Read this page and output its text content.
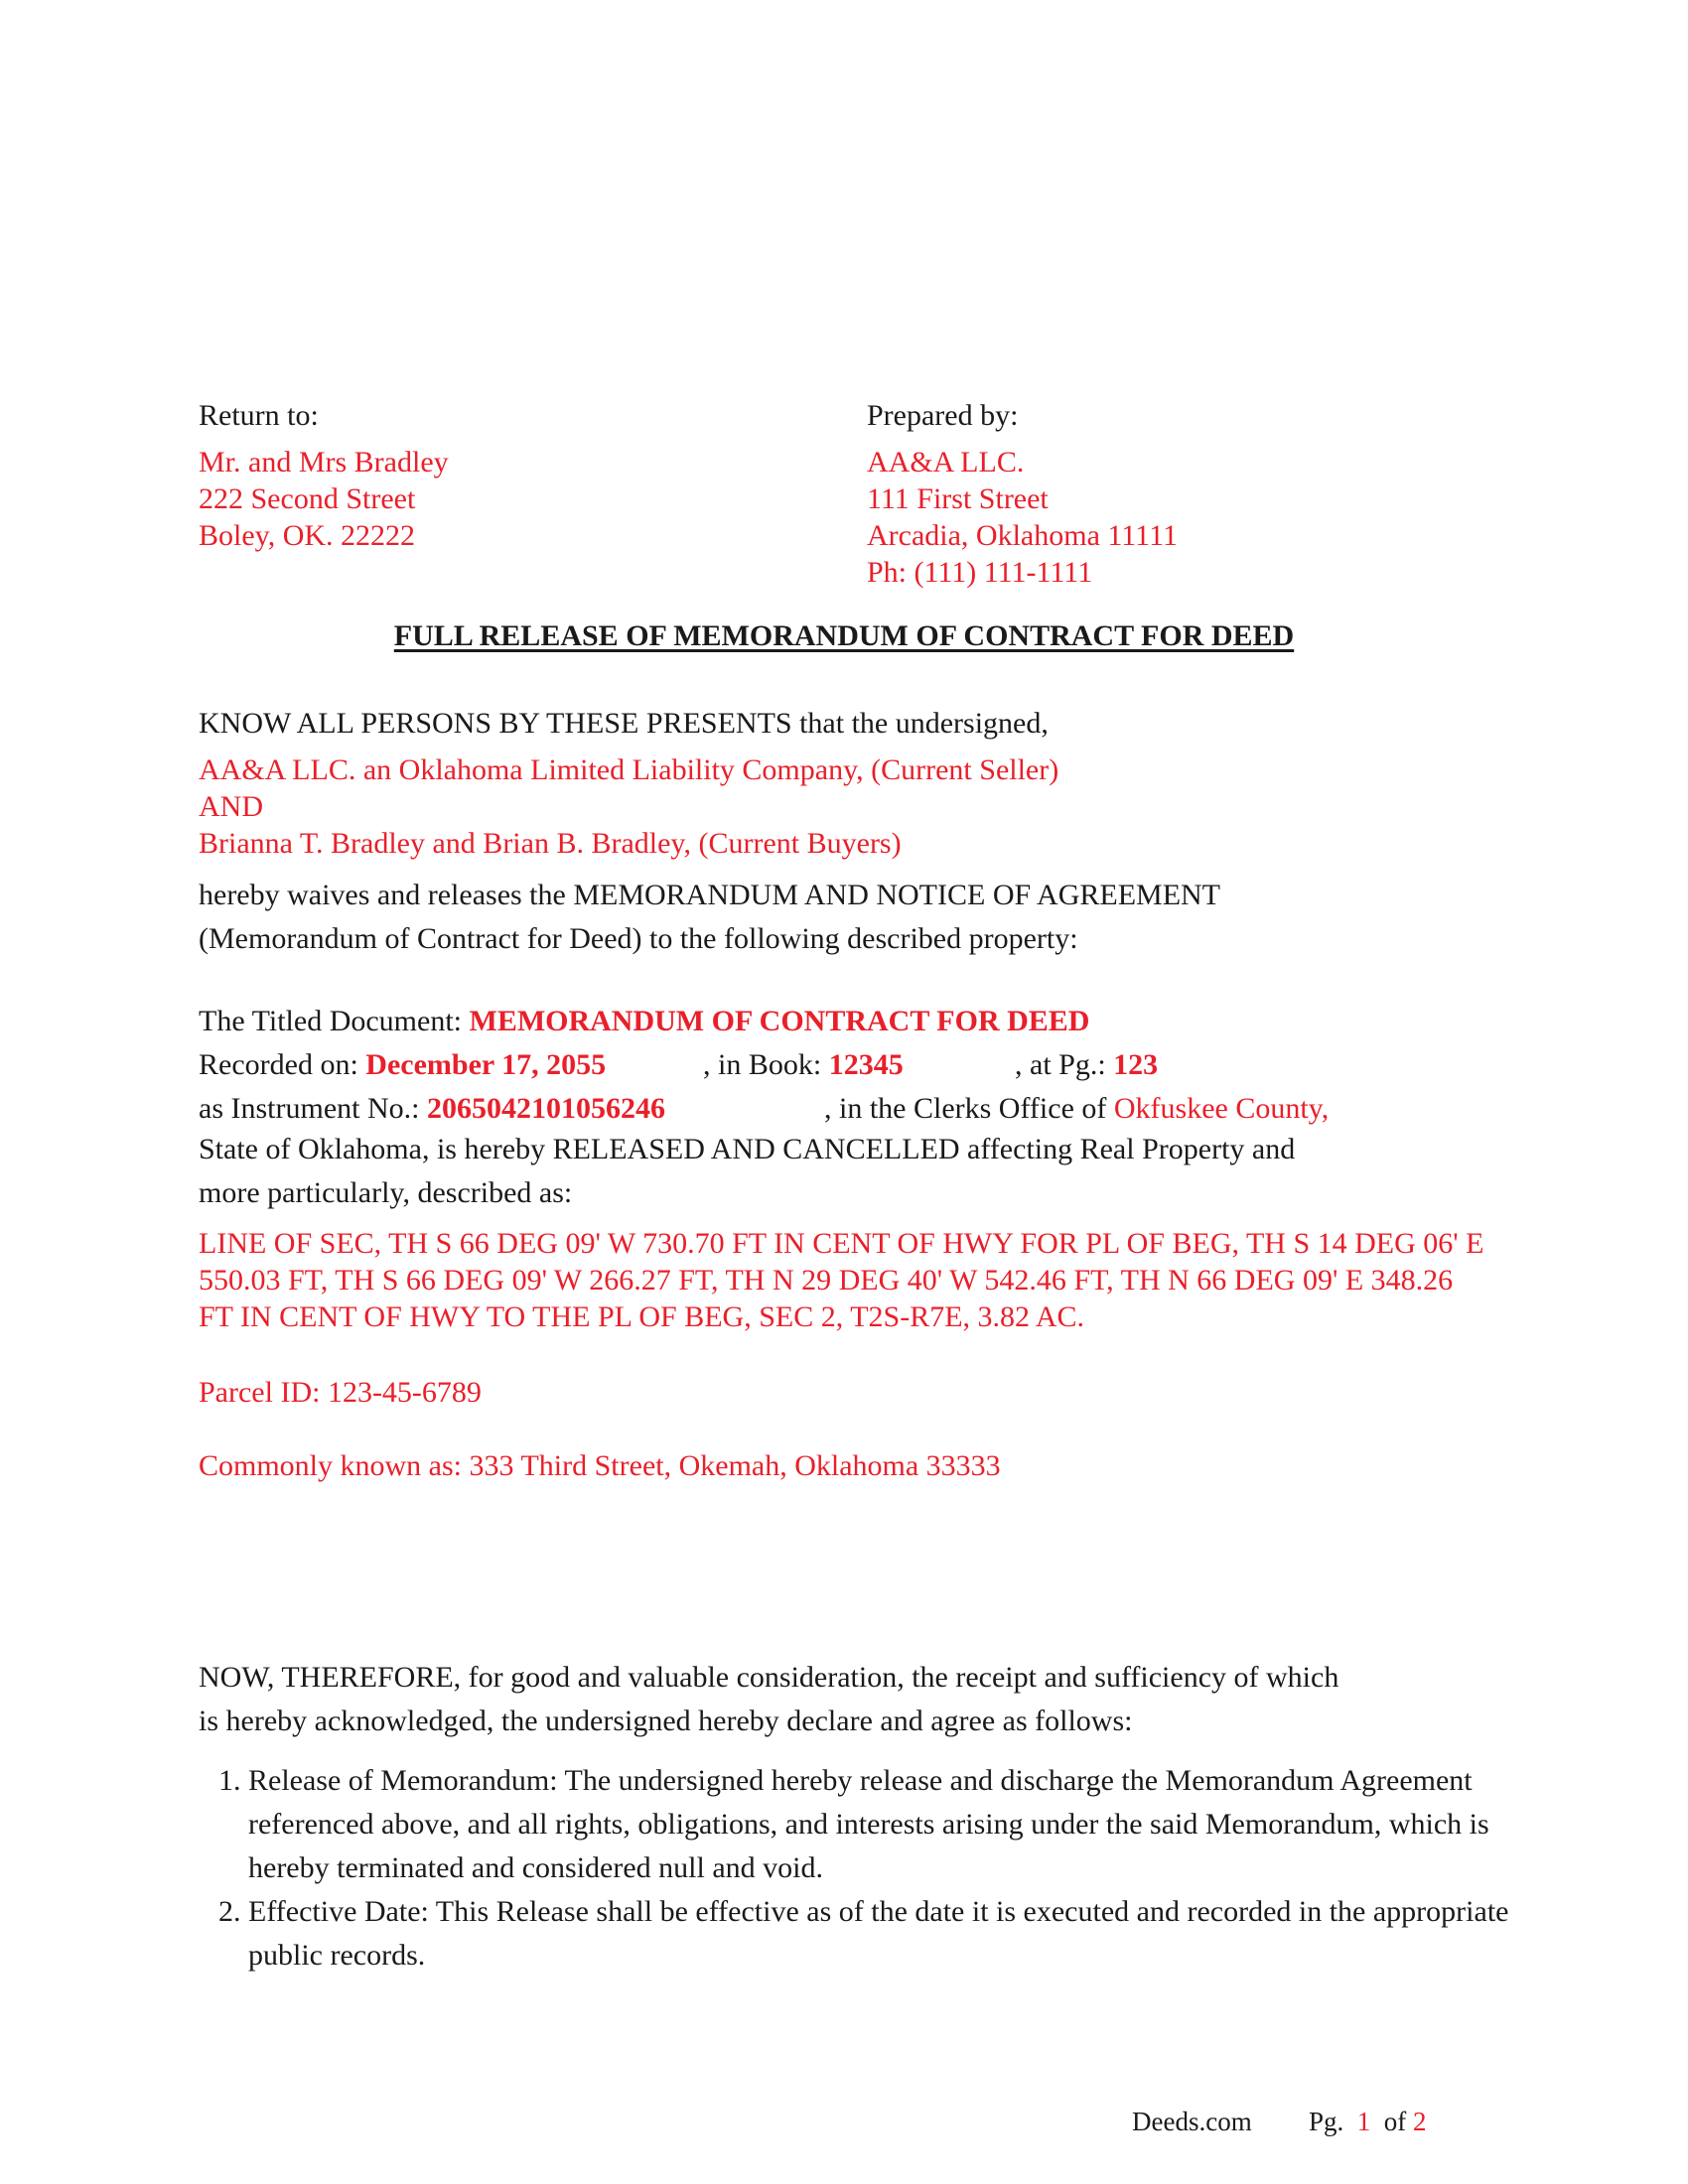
Return to:
Mr. and Mrs Bradley
222 Second Street
Boley, OK. 22222
Prepared by:
AA&A LLC.
111 First Street
Arcadia, Oklahoma 11111
Ph: (111) 111-1111
FULL RELEASE OF MEMORANDUM OF CONTRACT FOR DEED
KNOW ALL PERSONS BY THESE PRESENTS that the undersigned,
AA&A LLC. an Oklahoma Limited Liability Company, (Current Seller)
AND
Brianna T. Bradley and Brian B. Bradley, (Current Buyers)
hereby waives and releases the MEMORANDUM AND NOTICE OF AGREEMENT
(Memorandum of Contract for Deed) to the following described property:
The Titled Document: MEMORANDUM OF CONTRACT FOR DEED
Recorded on: December 17, 2055	, in Book: 12345	, at Pg.: 123
as Instrument No.: 2065042101056246	, in the Clerks Office of Okfuskee County,
State of Oklahoma, is hereby RELEASED AND CANCELLED affecting Real Property and
more particularly, described as:
LINE OF SEC, TH S 66 DEG 09' W 730.70 FT IN CENT OF HWY FOR PL OF BEG, TH S 14 DEG 06' E 550.03 FT, TH S 66 DEG 09' W 266.27 FT, TH N 29 DEG 40' W 542.46 FT, TH N 66 DEG 09' E 348.26 FT IN CENT OF HWY TO THE PL OF BEG, SEC 2, T2S-R7E, 3.82 AC.
Parcel ID: 123-45-6789
Commonly known as: 333 Third Street, Okemah, Oklahoma 33333
NOW, THEREFORE, for good and valuable consideration, the receipt and sufficiency of which
is hereby acknowledged, the undersigned hereby declare and agree as follows:
1. Release of Memorandum: The undersigned hereby release and discharge the Memorandum Agreement referenced above, and all rights, obligations, and interests arising under the said Memorandum, which is hereby terminated and considered null and void.
2. Effective Date: This Release shall be effective as of the date it is executed and recorded in the appropriate public records.
Deeds.com Pg. 1 of 2
